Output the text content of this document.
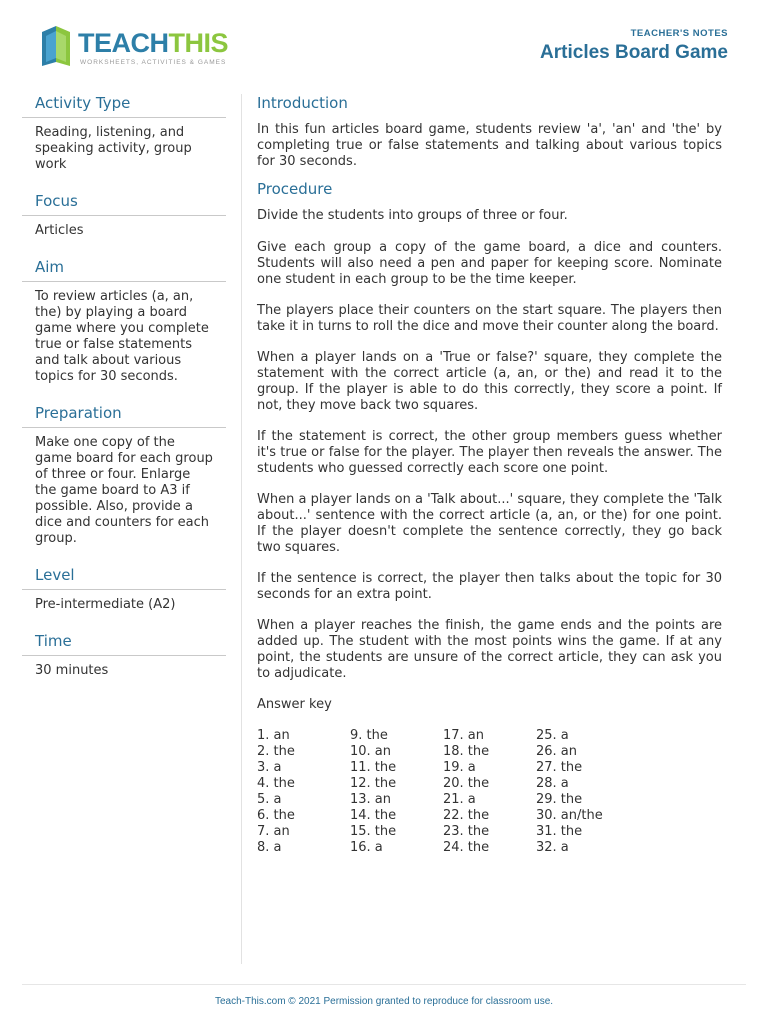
TEACHTHIS
WORKSHEETS, ACTIVITIES & GAMES
TEACHER'S NOTES
Articles Board Game
Activity Type
Reading, listening, and speaking activity, group work
Focus
Articles
Aim
To review articles (a, an, the) by playing a board game where you complete true or false statements and talk about various topics for 30 seconds.
Preparation
Make one copy of the game board for each group of three or four. Enlarge the game board to A3 if possible. Also, provide a dice and counters for each group.
Level
Pre-intermediate (A2)
Time
30 minutes
Introduction

In this fun articles board game, students review 'a', 'an' and 'the' by completing true or false statements and talking about various topics for 30 seconds.

Procedure

Divide the students into groups of three or four.

Give each group a copy of the game board, a dice and counters. Students will also need a pen and paper for keeping score. Nominate one student in each group to be the time keeper.

The players place their counters on the start square. The players then take it in turns to roll the dice and move their counter along the board.

When a player lands on a 'True or false?' square, they complete the statement with the correct article (a, an, or the) and read it to the group. If the player is able to do this correctly, they score a point. If not, they move back two squares.

If the statement is correct, the other group members guess whether it's true or false for the player. The player then reveals the answer. The students who guessed correctly each score one point.

When a player lands on a 'Talk about...' square, they complete the 'Talk about...' sentence with the correct article (a, an, or the) for one point. If the player doesn't complete the sentence correctly, they go back two squares.

If the sentence is correct, the player then talks about the topic for 30 seconds for an extra point.

When a player reaches the finish, the game ends and the points are added up. The student with the most points wins the game. If at any point, the students are unsure of the correct article, they can ask you to adjudicate.

Answer key
1. an
2. the
3. a
4. the
5. a
6. the
7. an
8. a
9. the
10. an
11. the
12. the
13. an
14. the
15. the
16. a
17. an
18. the
19. a
20. the
21. a
22. the
23. the
24. the
25. a
26. an
27. the
28. a
29. the
30. an/the
31. the
32. a
Teach-This.com © 2021 Permission granted to reproduce for classroom use.
